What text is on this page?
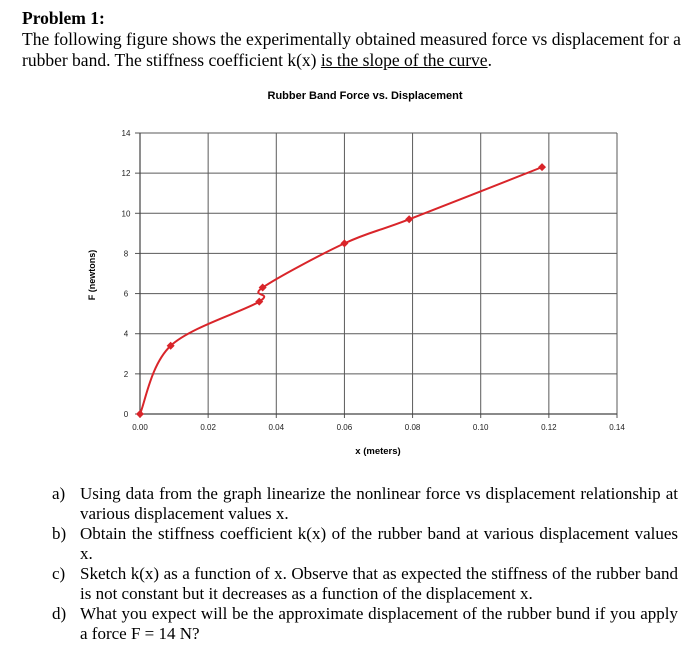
Problem 1:
The following figure shows the experimentally obtained measured force vs displacement for a rubber band. The stiffness coefficient k(x) is the slope of the curve.
Rubber Band Force vs. Displacement
0
2
4
6
8
10
12
14
0.00	0.02	0.04	0.06	0.08	0.10	0.12	0.14
F (newtons)
x (meters)
a) Using data from the graph linearize the nonlinear force vs displacement relationship at various displacement values x.
b) Obtain the stiffness coefficient k(x) of the rubber band at various displacement values x.
c) Sketch k(x) as a function of x. Observe that as expected the stiffness of the rubber band is not constant but it decreases as a function of the displacement x.
d) What you expect will be the approximate displacement of the rubber bund if you apply a force F = 14 N?
